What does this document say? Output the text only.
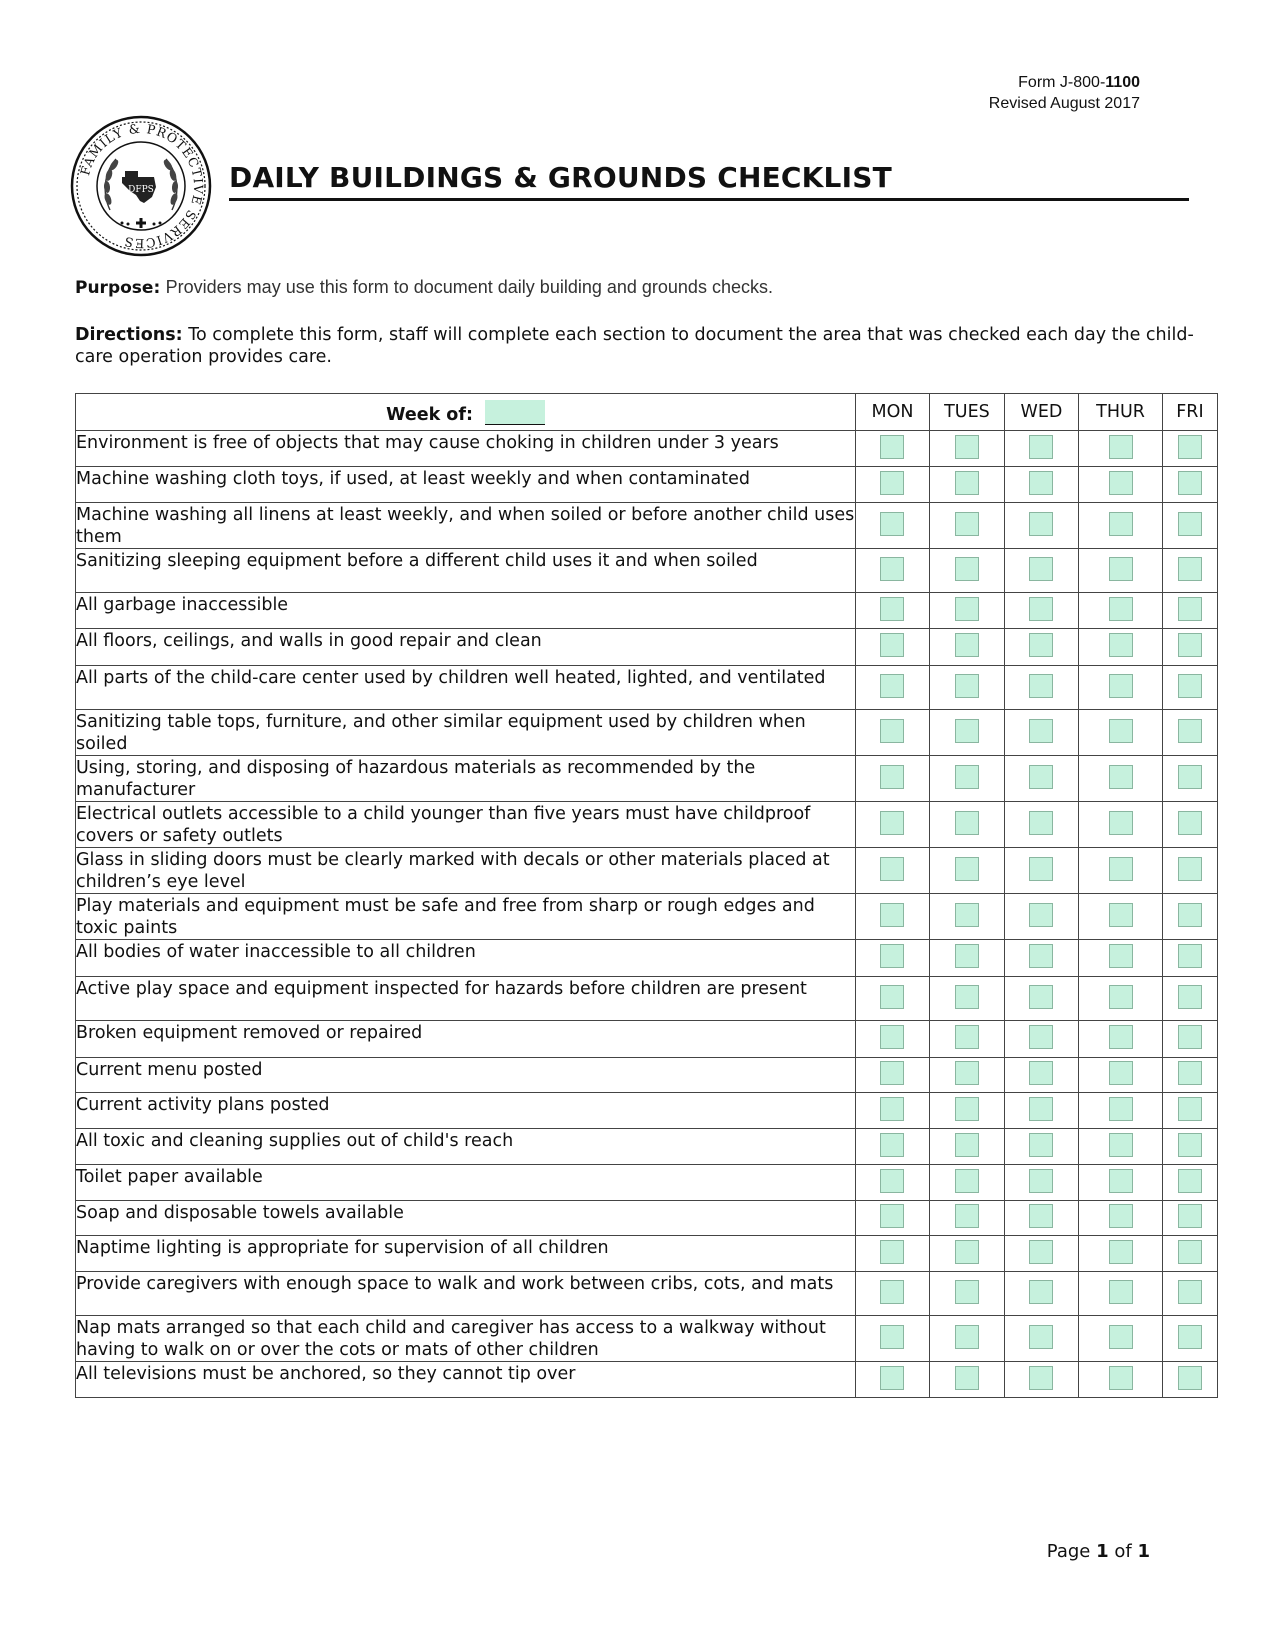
Form J-800-1100
Revised August 2017
FAMILY & PROTECTIVE SERVICES
DFPS	DAILY BUILDINGS & GROUNDS CHECKLIST
Purpose: Providers may use this form to document daily building and grounds checks.
Directions: To complete this form, staff will complete each section to document the area that was checked each day the child-care operation provides care.
Week of:	MON	TUES	WED	THUR	FRI

Environment is free of objects that may cause choking in children under 3 years					

Machine washing cloth toys, if used, at least weekly and when contaminated					

Machine washing all linens at least weekly, and when soiled or before another child uses them					

Sanitizing sleeping equipment before a different child uses it and when soiled					

All garbage inaccessible					

All floors, ceilings, and walls in good repair and clean					

All parts of the child-care center used by children well heated, lighted, and ventilated					

Sanitizing table tops, furniture, and other similar equipment used by children when soiled					

Using, storing, and disposing of hazardous materials as recommended by the manufacturer					

Electrical outlets accessible to a child younger than five years must have childproof covers or safety outlets					

Glass in sliding doors must be clearly marked with decals or other materials placed at children’s eye level					

Play materials and equipment must be safe and free from sharp or rough edges and toxic paints					

All bodies of water inaccessible to all children					

Active play space and equipment inspected for hazards before children are present					

Broken equipment removed or repaired					

Current menu posted					

Current activity plans posted					

All toxic and cleaning supplies out of child's reach					

Toilet paper available					

Soap and disposable towels available					

Naptime lighting is appropriate for supervision of all children					

Provide caregivers with enough space to walk and work between cribs, cots, and mats					

Nap mats arranged so that each child and caregiver has access to a walkway without having to walk on or over the cots or mats of other children					

All televisions must be anchored, so they cannot tip over					

Page 1 of 1
